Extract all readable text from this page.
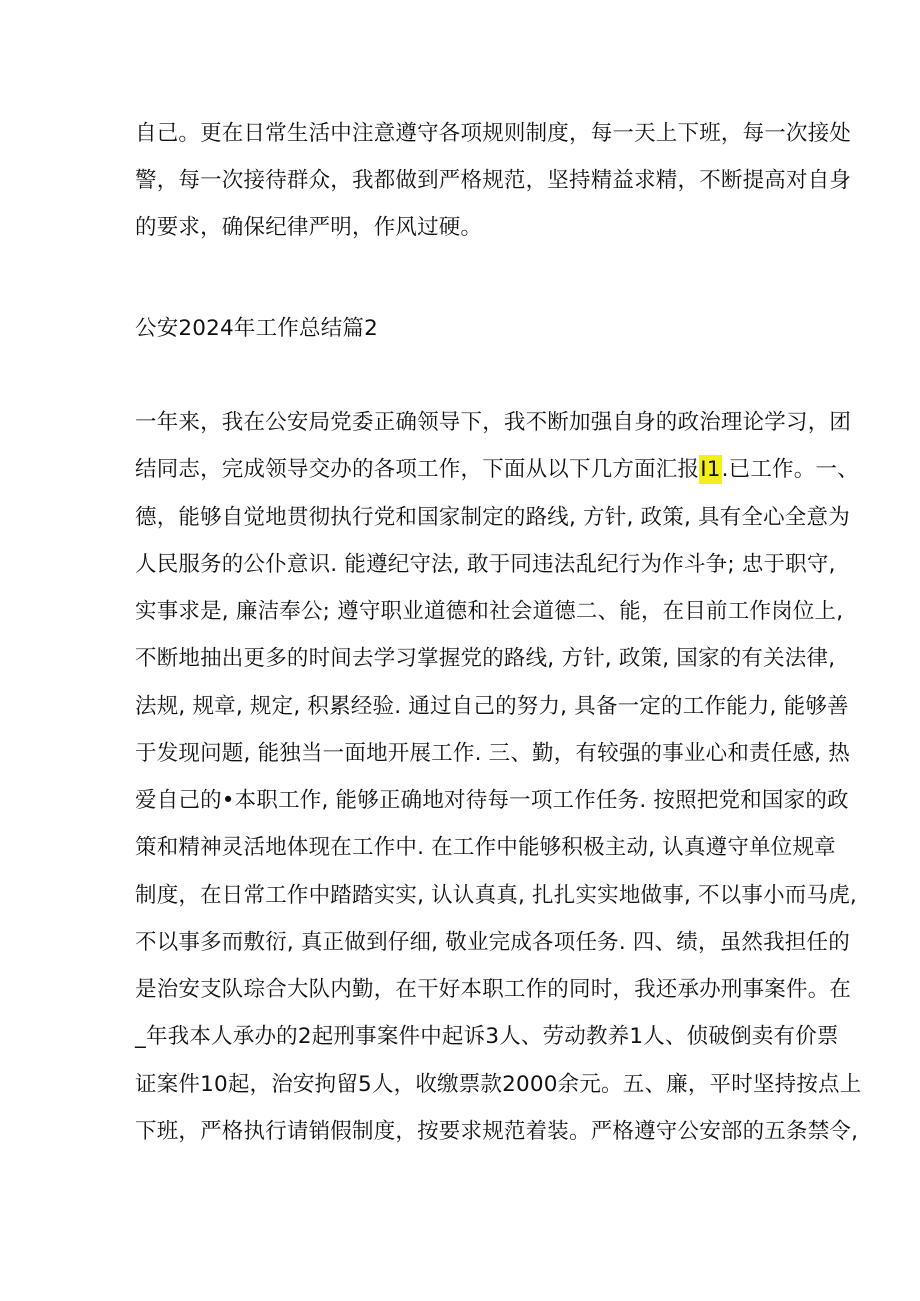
自己。更在日常生活中注意遵守各项规则制度，每一天上下班，每一次接处
警，每一次接待群众，我都做到严格规范，坚持精益求精，不断提高对自身
的要求，确保纪律严明，作风过硬。
公安2024年工作总结篇2
一年来，我在公安局党委正确领导下，我不断加强自身的政治理论学习，团
结同志，完成领导交办的各项工作，下面从以下几方面汇报I1.已工作。一、
德，能够自觉地贯彻执行党和国家制定的路线, 方针, 政策, 具有全心全意为
人民服务的公仆意识. 能遵纪守法, 敢于同违法乱纪行为作斗争; 忠于职守,
实事求是, 廉洁奉公; 遵守职业道德和社会道德二、能，在目前工作岗位上,
不断地抽出更多的时间去学习掌握党的路线, 方针, 政策, 国家的有关法律,
法规, 规章, 规定, 积累经验. 通过自己的努力, 具备一定的工作能力, 能够善
于发现问题, 能独当一面地开展工作. 三、勤，有较强的事业心和责任感, 热
爱自己的•本职工作, 能够正确地对待每一项工作任务. 按照把党和国家的政
策和精神灵活地体现在工作中. 在工作中能够积极主动, 认真遵守单位规章
制度，在日常工作中踏踏实实, 认认真真, 扎扎实实地做事, 不以事小而马虎,
不以事多而敷衍, 真正做到仔细, 敬业完成各项任务. 四、绩，虽然我担任的
是治安支队琮合大队内勤，在干好本职工作的同时，我还承办刑事案件。在
_年我本人承办的2起刑事案件中起诉3人、劳动教养1人、侦破倒卖有价票
证案件10起，治安拘留5人，收缴票款2000余元。五、廉，平时坚持按点上
下班，严格执行请销假制度，按要求规范着装。严格遵守公安部的五条禁令,
